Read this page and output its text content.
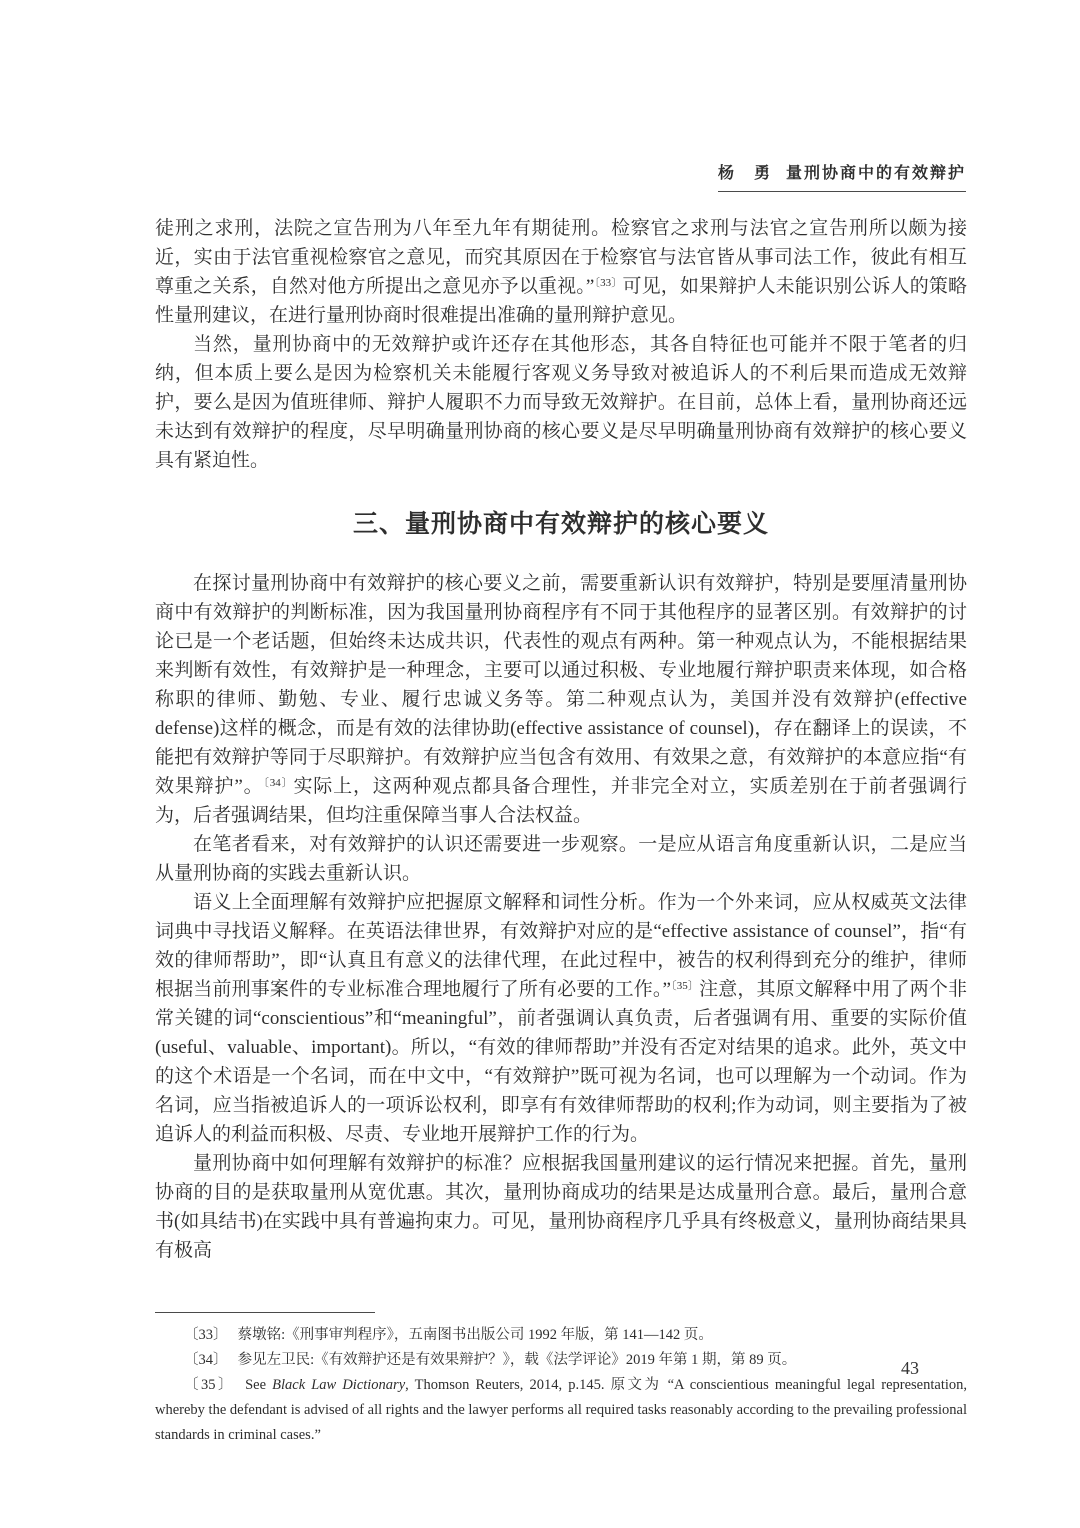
杨　勇 量刑协商中的有效辩护

徒刑之求刑，法院之宣告刑为八年至九年有期徒刑。检察官之求刑与法官之宣告刑所以颇为接近，实由于法官重视检察官之意见，而究其原因在于检察官与法官皆从事司法工作，彼此有相互尊重之关系，自然对他方所提出之意见亦予以重视。”$^{〔33〕}$可见，如果辩护人未能识别公诉人的策略性量刑建议，在进行量刑协商时很难提出准确的量刑辩护意见。

当然，量刑协商中的无效辩护或许还存在其他形态，其各自特征也可能并不限于笔者的归纳，但本质上要么是因为检察机关未能履行客观义务导致对被追诉人的不利后果而造成无效辩护，要么是因为值班律师、辩护人履职不力而导致无效辩护。在目前，总体上看，量刑协商还远未达到有效辩护的程度，尽早明确量刑协商的核心要义是尽早明确量刑协商有效辩护的核心要义具有紧迫性。

三、量刑协商中有效辩护的核心要义

在探讨量刑协商中有效辩护的核心要义之前，需要重新认识有效辩护，特别是要厘清量刑协商中有效辩护的判断标准，因为我国量刑协商程序有不同于其他程序的显著区别。有效辩护的讨论已是一个老话题，但始终未达成共识，代表性的观点有两种。第一种观点认为，不能根据结果来判断有效性，有效辩护是一种理念，主要可以通过积极、专业地履行辩护职责来体现，如合格称职的律师、勤勉、专业、履行忠诚义务等。第二种观点认为，美国并没有效辩护(effective defense)这样的概念，而是有效的法律协助(effective assistance of counsel)，存在翻译上的误读，不能把有效辩护等同于尽职辩护。有效辩护应当包含有效用、有效果之意，有效辩护的本意应指“有效果辩护”。$^{〔34〕}$实际上，这两种观点都具备合理性，并非完全对立，实质差别在于前者强调行为，后者强调结果，但均注重保障当事人合法权益。

在笔者看来，对有效辩护的认识还需要进一步观察。一是应从语言角度重新认识，二是应当从量刑协商的实践去重新认识。

语义上全面理解有效辩护应把握原文解释和词性分析。作为一个外来词，应从权威英文法律词典中寻找语义解释。在英语法律世界，有效辩护对应的是“effective assistance of counsel”，指“有效的律师帮助”，即“认真且有意义的法律代理，在此过程中，被告的权利得到充分的维护，律师根据当前刑事案件的专业标准合理地履行了所有必要的工作。”$^{〔35〕}$注意，其原文解释中用了两个非常关键的词“conscientious”和“meaningful”，前者强调认真负责，后者强调有用、重要的实际价值(useful、valuable、important)。所以，“有效的律师帮助”并没有否定对结果的追求。此外，英文中的这个术语是一个名词，而在中文中，“有效辩护”既可视为名词，也可以理解为一个动词。作为名词，应当指被追诉人的一项诉讼权利，即享有有效律师帮助的权利;作为动词，则主要指为了被追诉人的利益而积极、尽责、专业地开展辩护工作的行为。

量刑协商中如何理解有效辩护的标准？应根据我国量刑建议的运行情况来把握。首先，量刑协商的目的是获取量刑从宽优惠。其次，量刑协商成功的结果是达成量刑合意。最后，量刑合意书(如具结书)在实践中具有普遍拘束力。可见，量刑协商程序几乎具有终极意义，量刑协商结果具有极高

〔33〕 蔡墩铭:《刑事审判程序》，五南图书出版公司 1992 年版，第 141—142 页。

〔34〕 参见左卫民:《有效辩护还是有效果辩护？》，载《法学评论》2019 年第 1 期，第 89 页。

〔35〕 See Black Law Dictionary, Thomson Reuters, 2014, p.145. 原文为 “A conscientious meaningful legal representation, whereby the defendant is advised of all rights and the lawyer performs all required tasks reasonably according to the prevailing professional standards in criminal cases.”

43
